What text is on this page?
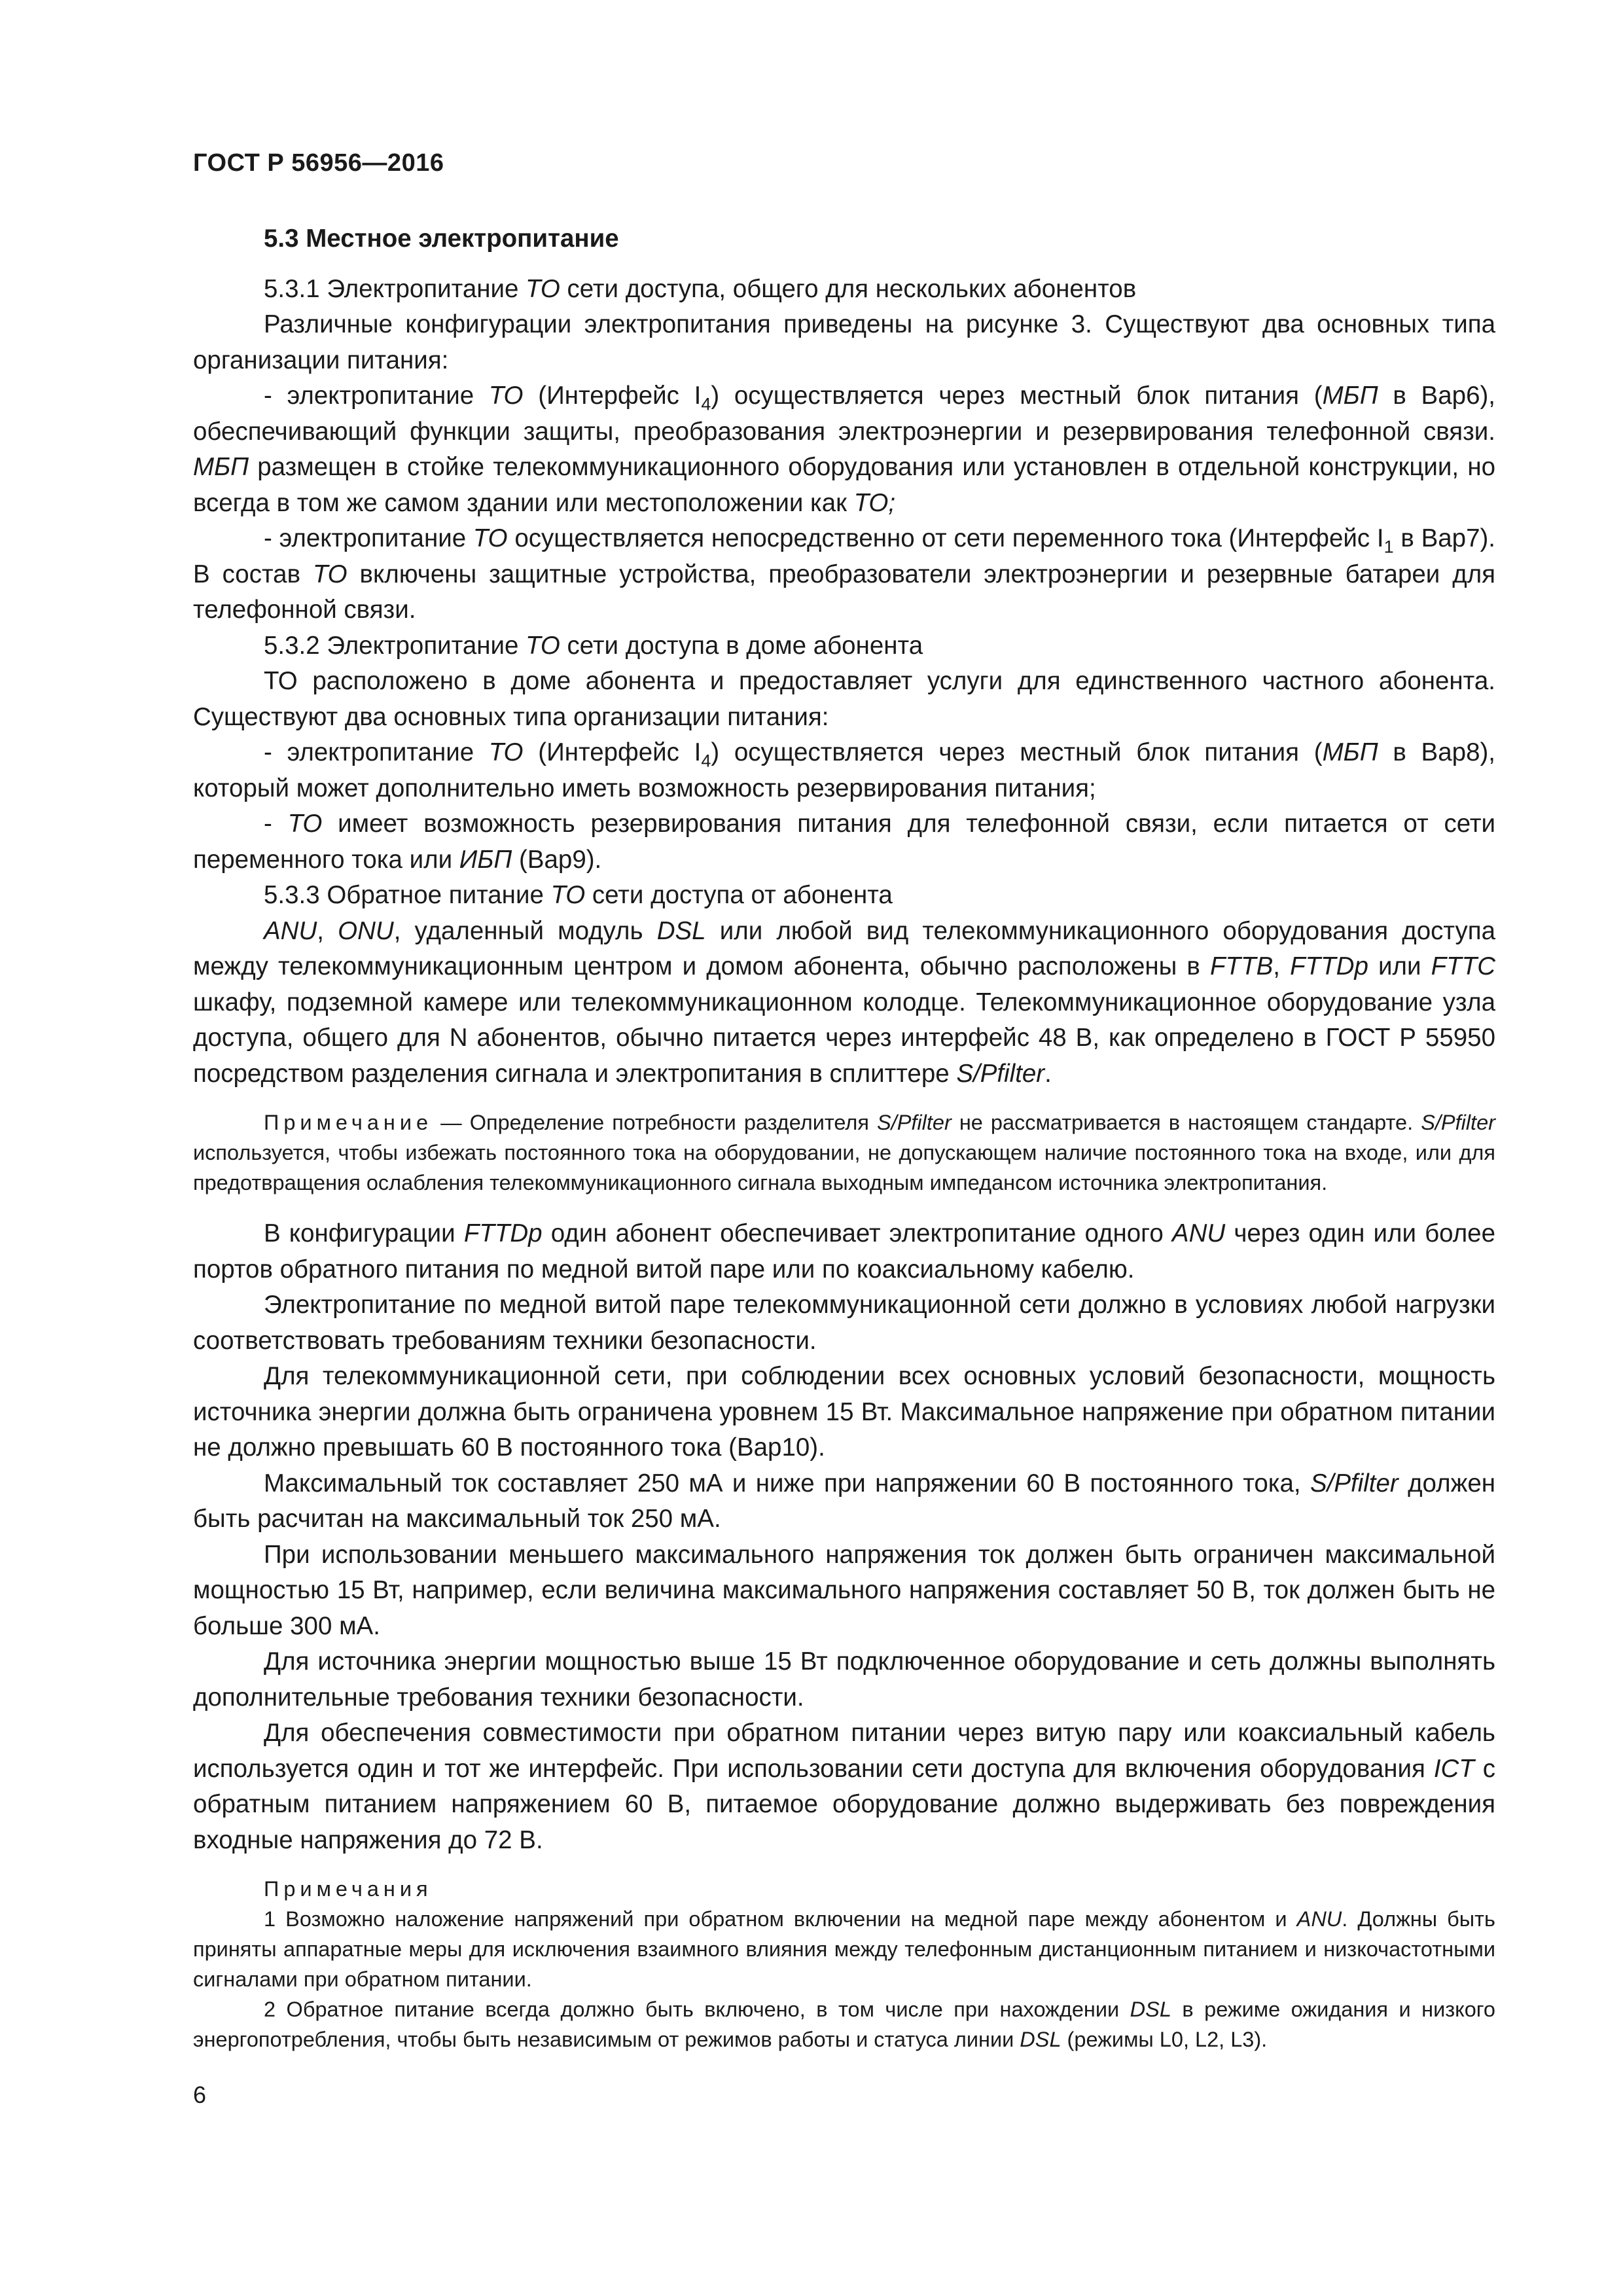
ГОСТ Р 56956—2016

5.3 Местное электропитание

5.3.1 Электропитание ТО сети доступа, общего для нескольких абонентов

Различные конфигурации электропитания приведены на рисунке 3. Существуют два основных типа организации питания:

- электропитание ТО (Интерфейс $I_4$) осуществляется через местный блок питания (МБП в Вар6), обеспечивающий функции защиты, преобразования электроэнергии и резервирования телефонной связи. МБП размещен в стойке телекоммуникационного оборудования или установлен в отдельной конструкции, но всегда в том же самом здании или местоположении как ТО;

- электропитание ТО осуществляется непосредственно от сети переменного тока (Интерфейс $I_1$ в Вар7). В состав ТО включены защитные устройства, преобразователи электроэнергии и резервные батареи для телефонной связи.

5.3.2 Электропитание ТО сети доступа в доме абонента

ТО расположено в доме абонента и предоставляет услуги для единственного частного абонента. Существуют два основных типа организации питания:

- электропитание ТО (Интерфейс $I_4$) осуществляется через местный блок питания (МБП в Вар8), который может дополнительно иметь возможность резервирования питания;

- ТО имеет возможность резервирования питания для телефонной связи, если питается от сети переменного тока или ИБП (Вар9).

5.3.3 Обратное питание ТО сети доступа от абонента

ANU, ONU, удаленный модуль DSL или любой вид телекоммуникационного оборудования доступа между телекоммуникационным центром и домом абонента, обычно расположены в FTTB, FTTDp или FTTC шкафу, подземной камере или телекоммуникационном колодце. Телекоммуникационное оборудование узла доступа, общего для N абонентов, обычно питается через интерфейс 48 В, как определено в ГОСТ Р 55950 посредством разделения сигнала и электропитания в сплиттере S/Pfilter.

Примечание — Определение потребности разделителя S/Pfilter не рассматривается в настоящем стандарте. S/Pfilter используется, чтобы избежать постоянного тока на оборудовании, не допускающем наличие постоянного тока на входе, или для предотвращения ослабления телекоммуникационного сигнала выходным импедансом источника электропитания.

В конфигурации FTTDp один абонент обеспечивает электропитание одного ANU через один или более портов обратного питания по медной витой паре или по коаксиальному кабелю.

Электропитание по медной витой паре телекоммуникационной сети должно в условиях любой нагрузки соответствовать требованиям техники безопасности.

Для телекоммуникационной сети, при соблюдении всех основных условий безопасности, мощность источника энергии должна быть ограничена уровнем 15 Вт. Максимальное напряжение при обратном питании не должно превышать 60 В постоянного тока (Вар10).

Максимальный ток составляет 250 мА и ниже при напряжении 60 В постоянного тока, S/Pfilter должен быть расчитан на максимальный ток 250 мА.

При использовании меньшего максимального напряжения ток должен быть ограничен максимальной мощностью 15 Вт, например, если величина максимального напряжения составляет 50 В, ток должен быть не больше 300 мА.

Для источника энергии мощностью выше 15 Вт подключенное оборудование и сеть должны выполнять дополнительные требования техники безопасности.

Для обеспечения совместимости при обратном питании через витую пару или коаксиальный кабель используется один и тот же интерфейс. При использовании сети доступа для включения оборудования ICT с обратным питанием напряжением 60 В, питаемое оборудование должно выдерживать без повреждения входные напряжения до 72 В.

Примечания

1 Возможно наложение напряжений при обратном включении на медной паре между абонентом и ANU. Должны быть приняты аппаратные меры для исключения взаимного влияния между телефонным дистанционным питанием и низкочастотными сигналами при обратном питании.

2 Обратное питание всегда должно быть включено, в том числе при нахождении DSL в режиме ожидания и низкого энергопотребления, чтобы быть независимым от режимов работы и статуса линии DSL (режимы L0, L2, L3).

6
